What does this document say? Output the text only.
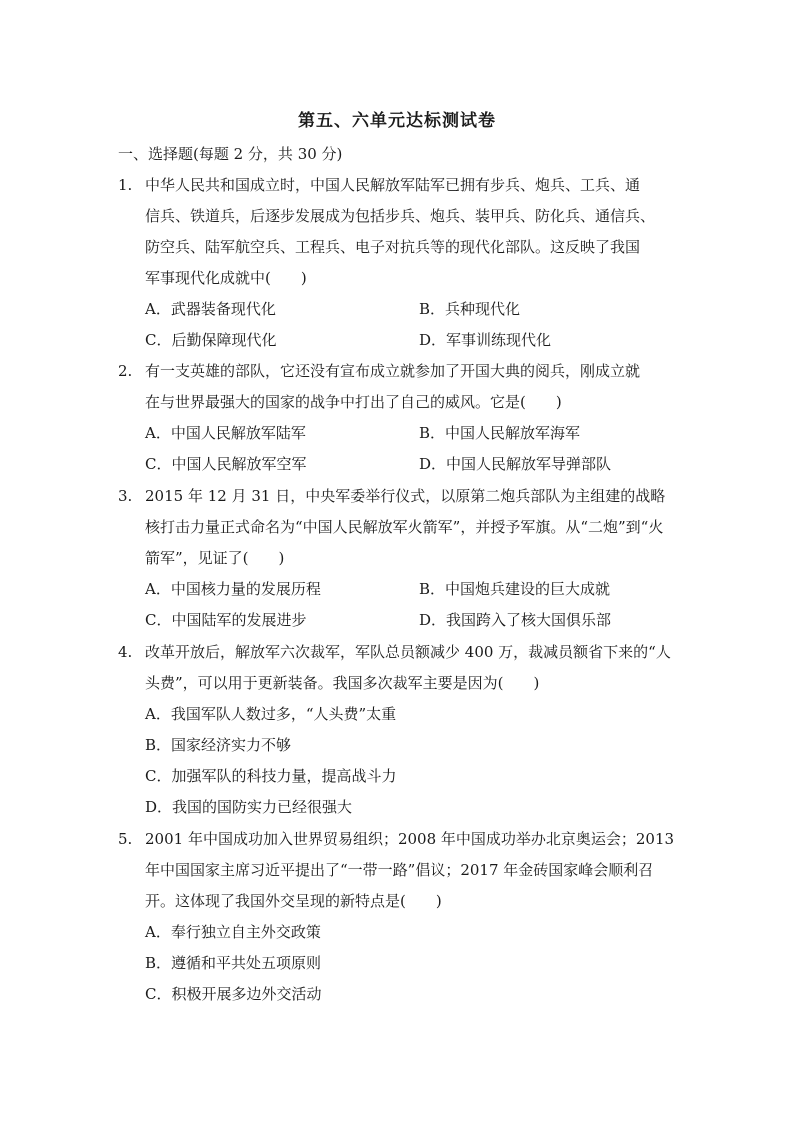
第五、六单元达标测试卷
一、选择题(每题 2 分，共 30 分)
1. 中华人民共和国成立时，中国人民解放军陆军已拥有步兵、炮兵、工兵、通
信兵、铁道兵，后逐步发展成为包括步兵、炮兵、装甲兵、防化兵、通信兵、
防空兵、陆军航空兵、工程兵、电子对抗兵等的现代化部队。这反映了我国
军事现代化成就中(　　)
A．武器装备现代化	B．兵种现代化
C．后勤保障现代化	D．军事训练现代化
2. 有一支英雄的部队，它还没有宣布成立就参加了开国大典的阅兵，刚成立就
在与世界最强大的国家的战争中打出了自己的威风。它是(　　)
A．中国人民解放军陆军	B．中国人民解放军海军
C．中国人民解放军空军	D．中国人民解放军导弹部队
3. 2015 年 12 月 31 日，中央军委举行仪式，以原第二炮兵部队为主组建的战略
核打击力量正式命名为“中国人民解放军火箭军”，并授予军旗。从“二炮”到“火
箭军”，见证了(　　)
A．中国核力量的发展历程	B．中国炮兵建设的巨大成就
C．中国陆军的发展进步	D．我国跨入了核大国俱乐部
4. 改革开放后，解放军六次裁军，军队总员额减少 400 万，裁减员额省下来的“人
头费”，可以用于更新装备。我国多次裁军主要是因为(　　)
A．我国军队人数过多，“人头费”太重
B．国家经济实力不够
C．加强军队的科技力量，提高战斗力
D．我国的国防实力已经很强大
5. 2001 年中国成功加入世界贸易组织；2008 年中国成功举办北京奥运会；2013
年中国国家主席习近平提出了“一带一路”倡议；2017 年金砖国家峰会顺利召
开。这体现了我国外交呈现的新特点是(　　)
A．奉行独立自主外交政策
B．遵循和平共处五项原则
C．积极开展多边外交活动
